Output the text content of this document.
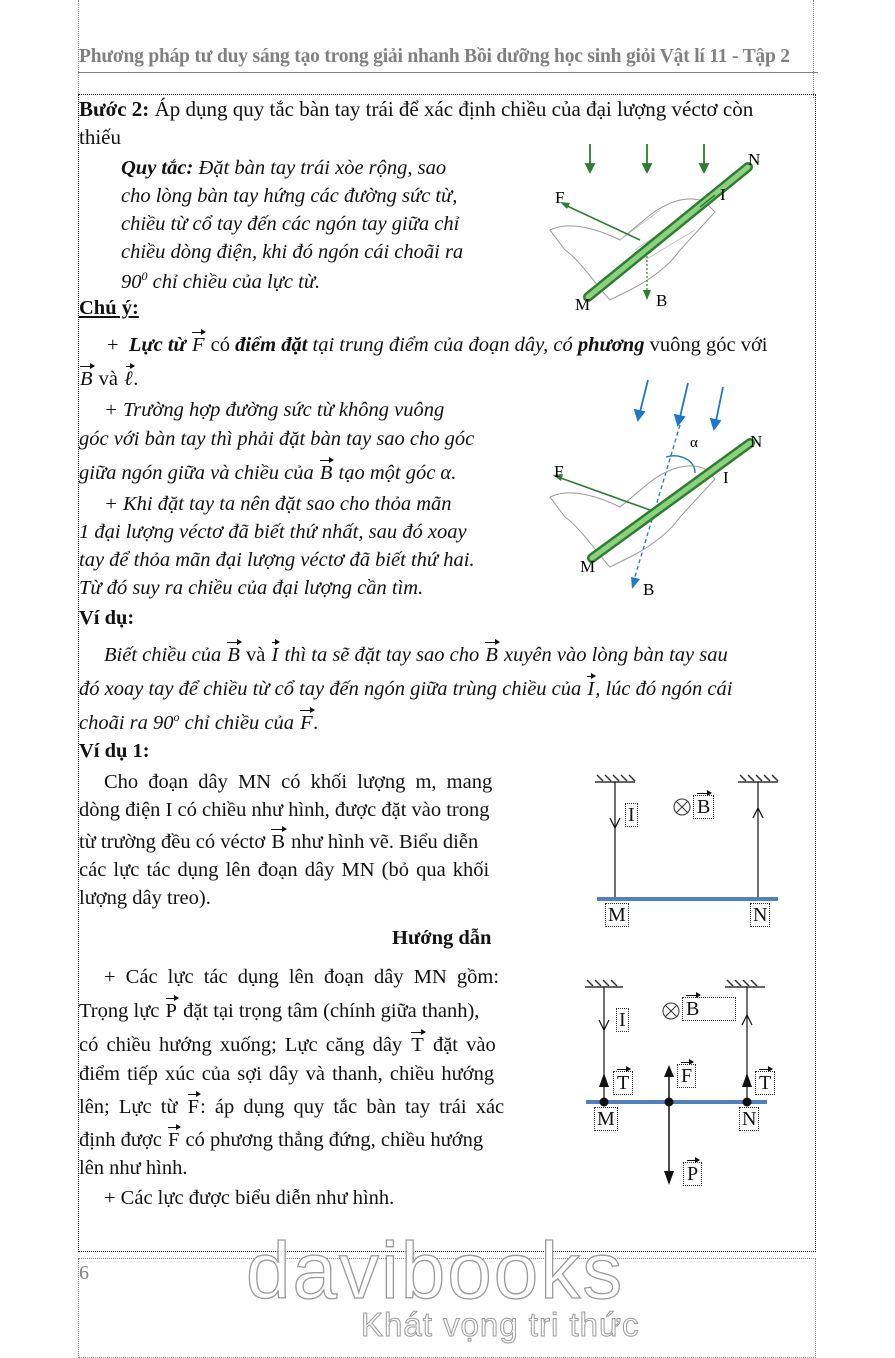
Phương pháp tư duy sáng tạo trong giải nhanh Bồi dưỡng học sinh giỏi Vật lí 11 - Tập 2
Bước 2: Áp dụng quy tắc bàn tay trái để xác định chiều của đại lượng véctơ còn
thiếu
Quy tắc: Đặt bàn tay trái xòe rộng, sao
cho lòng bàn tay hứng các đường sức từ,
chiều từ cổ tay đến các ngón tay giữa chỉ
chiều dòng điện, khi đó ngón cái choãi ra
$90^0$ chỉ chiều của lực từ.
F	I
N
M	B
Chú ý:
+ Lực từ F có điểm đặt tại trung điểm của đoạn dây, có phương vuông góc với
B và ℓ.
+ Trường hợp đường sức từ không vuông
góc với bàn tay thì phải đặt bàn tay sao cho góc
giữa ngón giữa và chiều của B tạo một góc α.
+ Khi đặt tay ta nên đặt sao cho thỏa mãn
1 đại lượng véctơ đã biết thứ nhất, sau đó xoay
tay để thỏa mãn đại lượng véctơ đã biết thứ hai.
Từ đó suy ra chiều của đại lượng cần tìm.
F	I
N
M
B
α
Ví dụ:
Biết chiều của B và I thì ta sẽ đặt tay sao cho B xuyên vào lòng bàn tay sau
đó xoay tay để chiều từ cổ tay đến ngón giữa trùng chiều của I, lúc đó ngón cái
choãi ra 90$^o$ chỉ chiều của F.
Ví dụ 1:
Cho đoạn dây MN có khối lượng m, mang
dòng điện I có chiều như hình, được đặt vào trong
từ trường đều có véctơ B như hình vẽ. Biểu diễn
các lực tác dụng lên đoạn dây MN (bỏ qua khối
lượng dây treo).
I	B
M	N
Hướng dẫn
+ Các lực tác dụng lên đoạn dây MN gồm:
Trọng lực P đặt tại trọng tâm (chính giữa thanh),
có chiều hướng xuống; Lực căng dây T đặt vào
điểm tiếp xúc của sợi dây và thanh, chiều hướng
lên; Lực từ F: áp dụng quy tắc bàn tay trái xác
định được F có phương thẳng đứng, chiều hướng
lên như hình.
+ Các lực được biểu diễn như hình.
I	B
T	F	T
M	N
P
6 davibooks
Khát vọng tri thức
